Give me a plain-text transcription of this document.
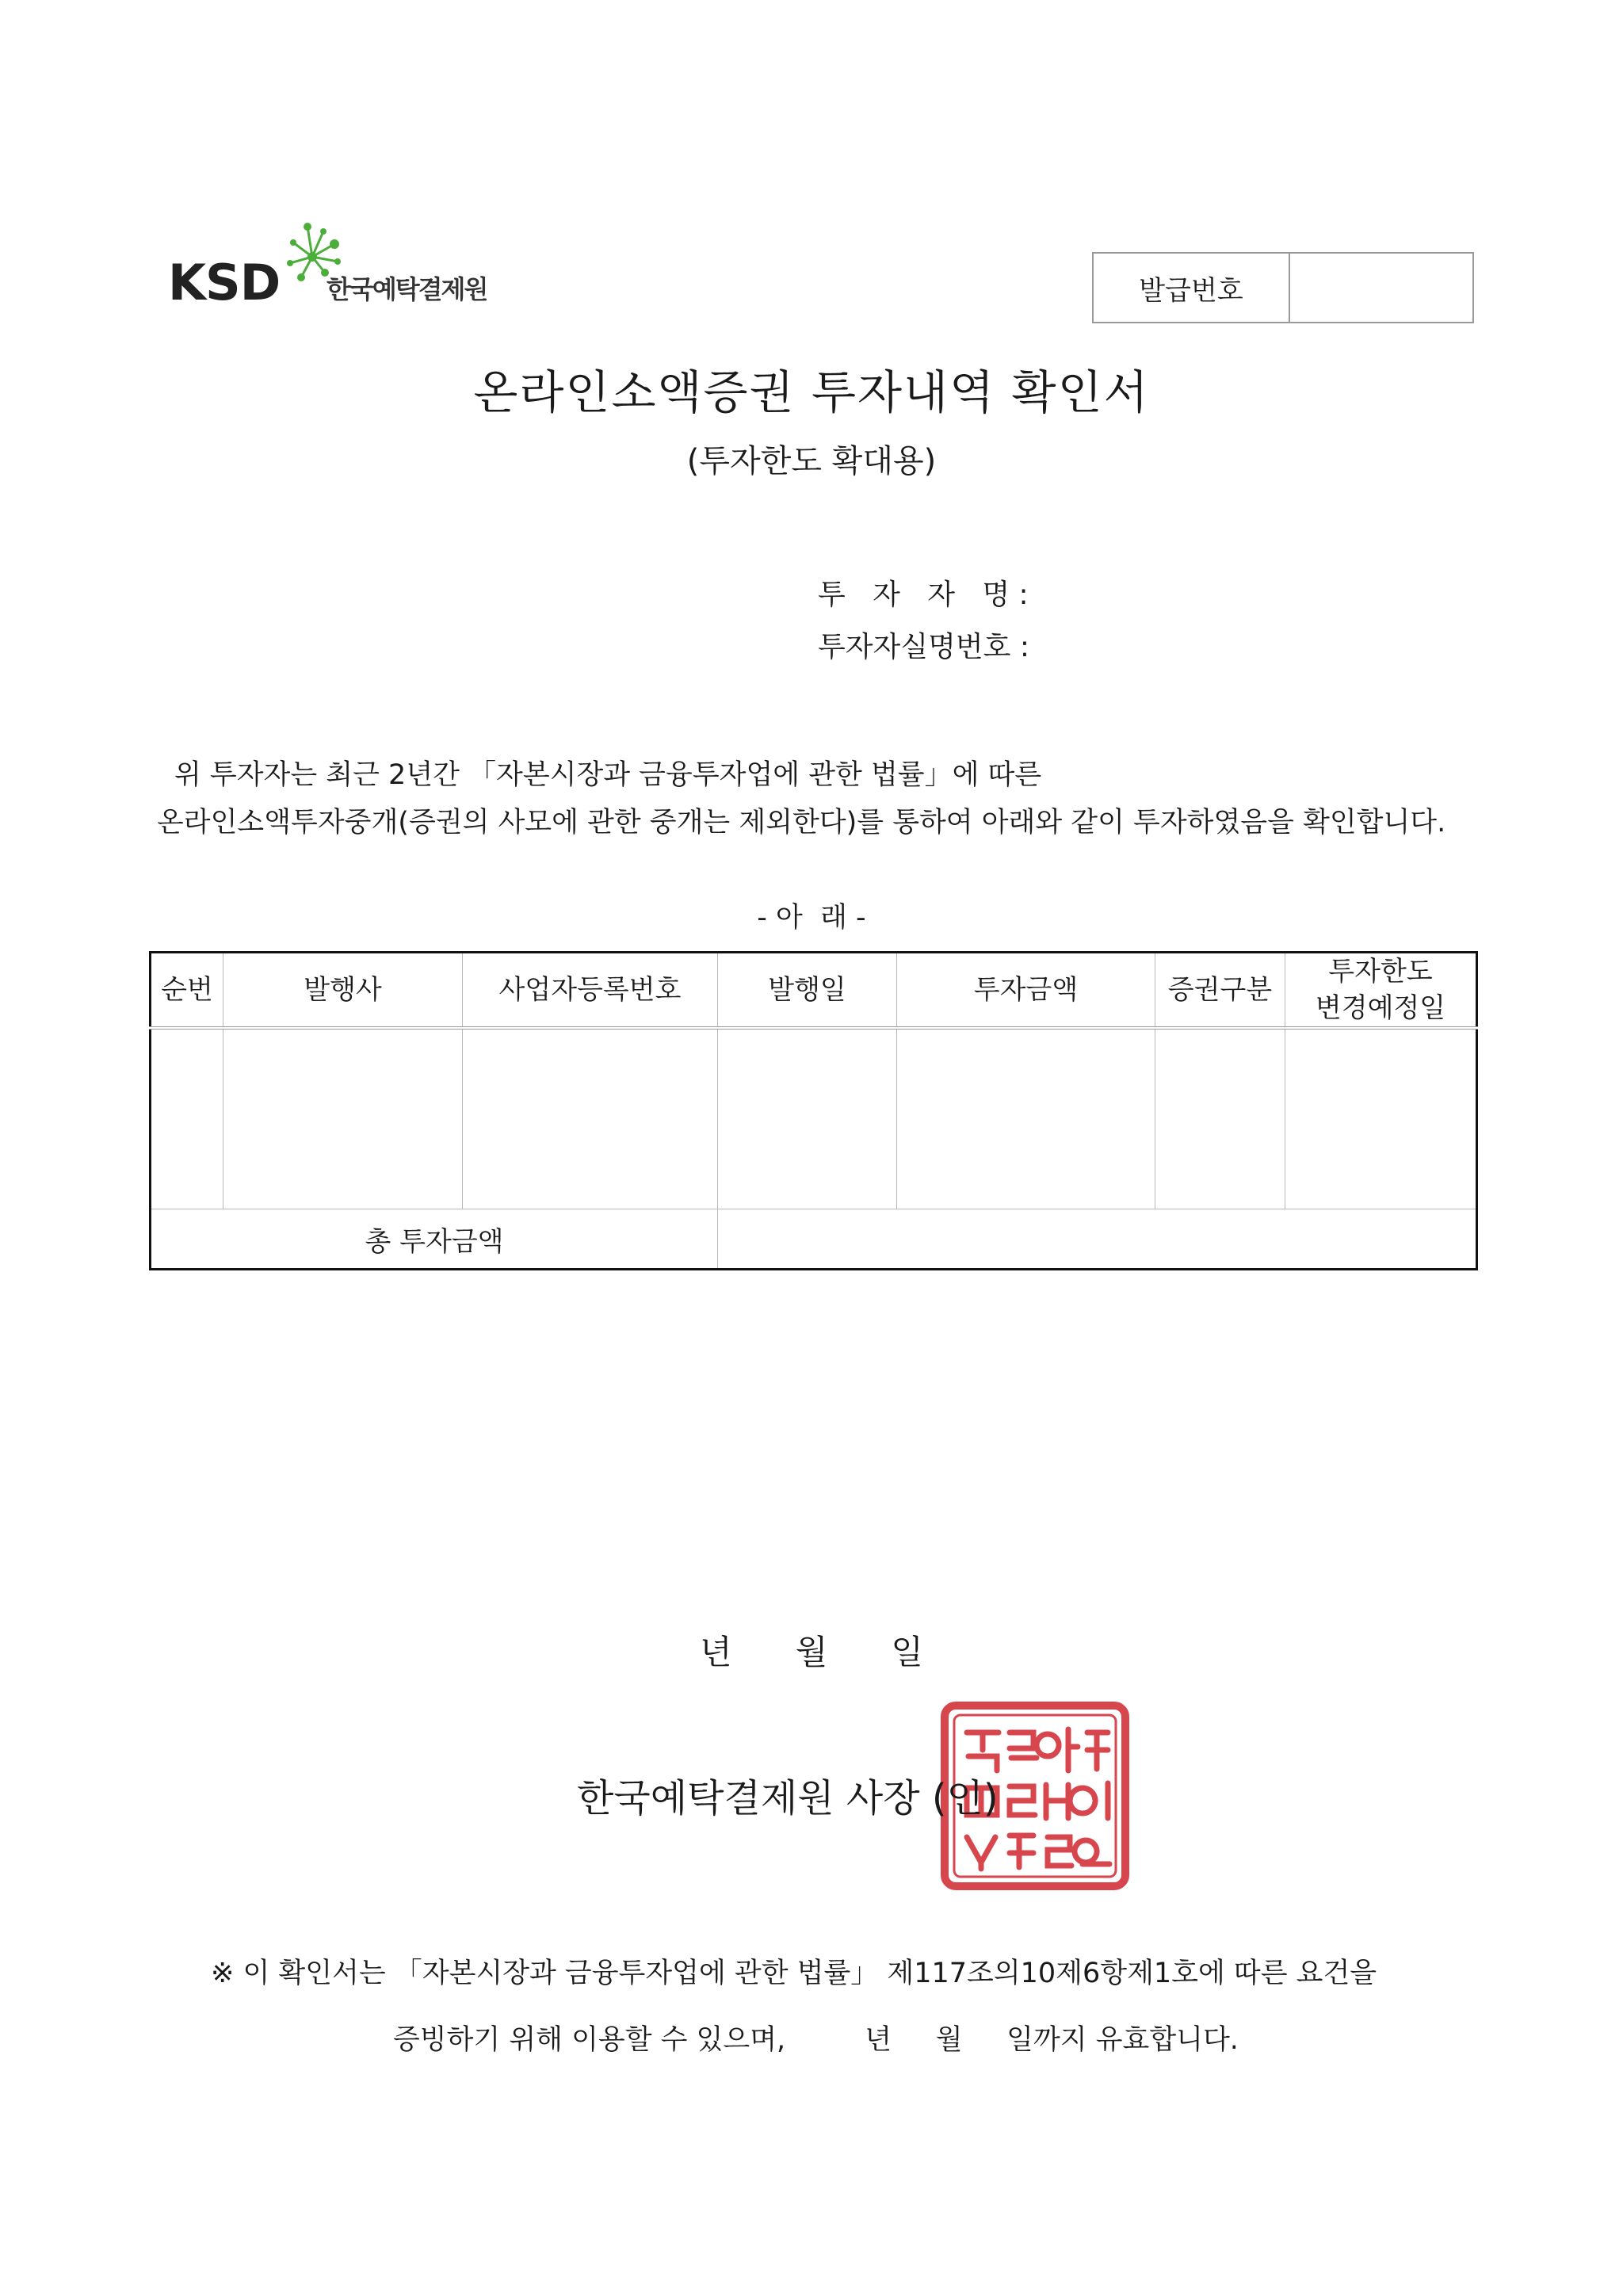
KSD 한국예탁결제원	발급번호
온라인소액증권 투자내역 확인서
(투자한도 확대용)
투   자   자   명 :
투자자실명번호 :
위 투자자는 최근 2년간 「자본시장과 금융투자업에 관한 법률」에 따른
온라인소액투자중개(증권의 사모에 관한 중개는 제외한다)를 통하여 아래와 같이 투자하였음을 확인합니다.
- 아  래 -
순번	발행사	사업자등록번호	발행일	투자금액	증권구분	투자한도
변경예정일

총 투자금액						
년      월      일
한국예탁결제원 사장 (인)
※ 이 확인서는 「자본시장과 금융투자업에 관한 법률」 제117조의10제6항제1호에 따른 요건을
증빙하기 위해 이용할 수 있으며,         년     월     일까지 유효합니다.
